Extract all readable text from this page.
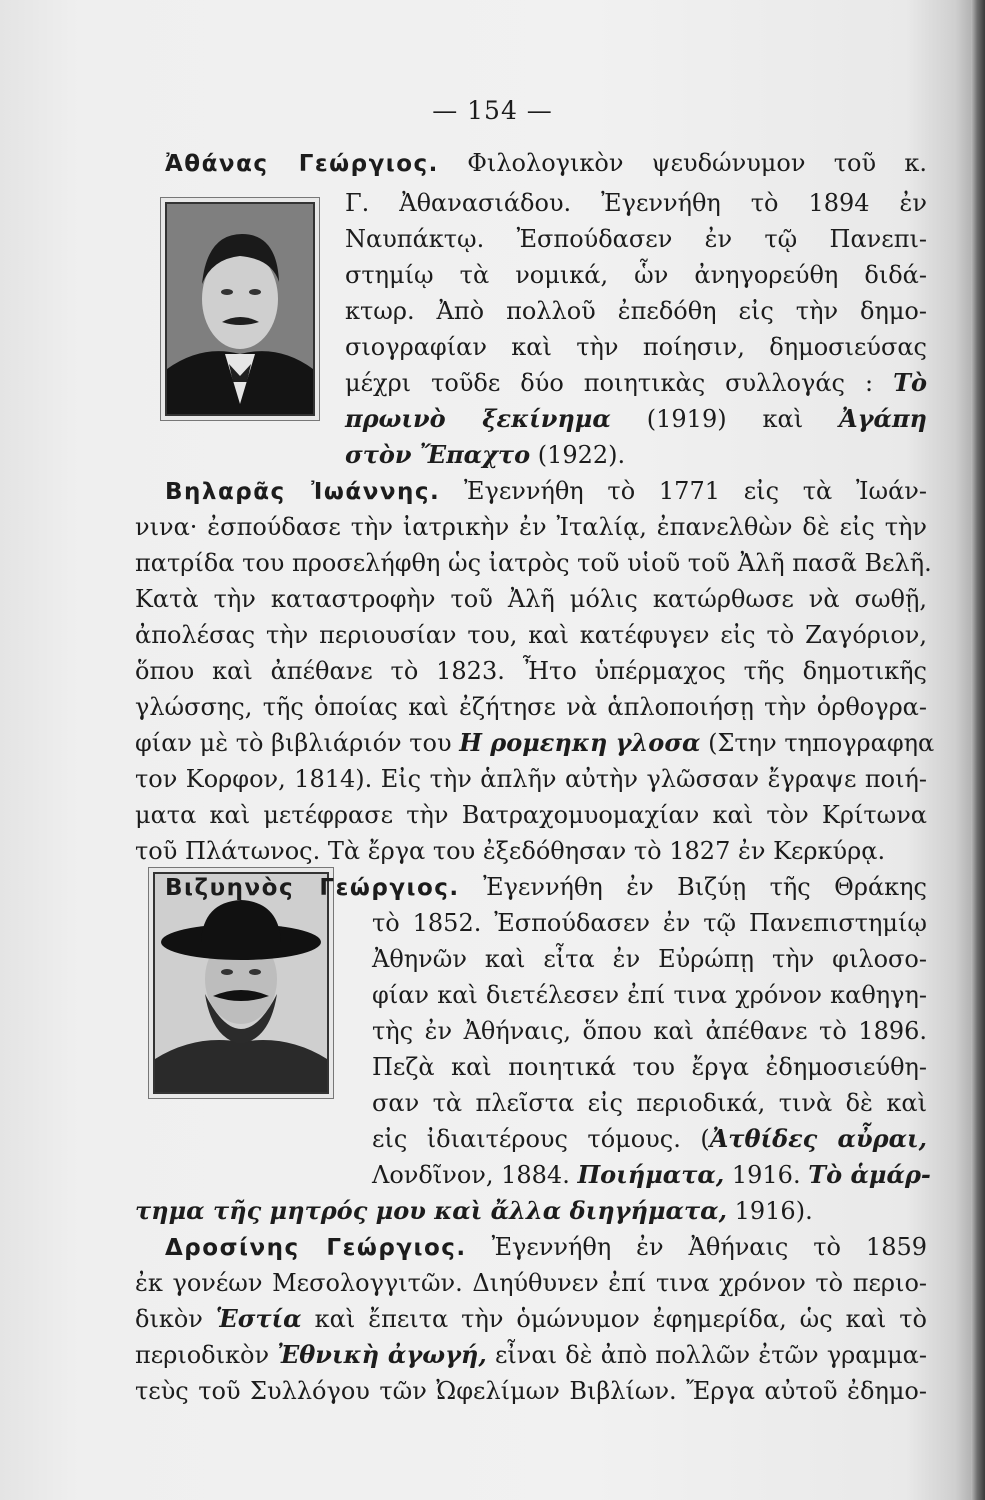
— 154 —
Ἀθάνας Γεώργιος. Φιλολογικὸν ψευδώνυμον τοῦ κ.
Γ. Ἀθανασιάδου. Ἐγεννήθη τὸ 1894 ἐν
Ναυπάκτῳ. Ἐσπούδασεν ἐν τῷ Πανεπι-
στημίῳ τὰ νομικά, ὧν ἀνηγορεύθη διδά-
κτωρ. Ἀπὸ πολλοῦ ἐπεδόθη εἰς τὴν δημο-
σιογραφίαν καὶ τὴν ποίησιν, δημοσιεύσας
μέχρι τοῦδε δύο ποιητικὰς συλλογάς : Τὸ
πρωινὸ ξεκίνημα (1919) καὶ Ἀγάπη
στὸν Ἔπαχτο (1922).
Βηλαρᾶς Ἰωάννης. Ἐγεννήθη τὸ 1771 εἰς τὰ Ἰωάν-
νινα· ἐσπούδασε τὴν ἰατρικὴν ἐν Ἰταλίᾳ, ἐπανελθὼν δὲ εἰς τὴν
πατρίδα του προσελήφθη ὡς ἰατρὸς τοῦ υἱοῦ τοῦ Ἀλῆ πασᾶ Βελῆ.
Κατὰ τὴν καταστροφὴν τοῦ Ἀλῆ μόλις κατώρθωσε νὰ σωθῇ,
ἀπολέσας τὴν περιουσίαν του, καὶ κατέφυγεν εἰς τὸ Ζαγόριον,
ὅπου καὶ ἀπέθανε τὸ 1823. Ἦτο ὑπέρμαχος τῆς δημοτικῆς
γλώσσης, τῆς ὁποίας καὶ ἐζήτησε νὰ ἁπλοποιήσῃ τὴν ὀρθογρα-
φίαν μὲ τὸ βιβλιάριόν του Η ρομεηκη γλοσα (Στην τηπογραφηα
τον Κορφον, 1814). Εἰς τὴν ἁπλῆν αὐτὴν γλῶσσαν ἔγραψε ποιή-
ματα καὶ μετέφρασε τὴν Βατραχομυομαχίαν καὶ τὸν Κρίτωνα
τοῦ Πλάτωνος. Τὰ ἔργα του ἐξεδόθησαν τὸ 1827 ἐν Κερκύρᾳ.
Βιζυηνὸς Γεώργιος. Ἐγεννήθη ἐν Βιζύῃ τῆς Θράκης
τὸ 1852. Ἐσπούδασεν ἐν τῷ Πανεπιστημίῳ
Ἀθηνῶν καὶ εἶτα ἐν Εὐρώπῃ τὴν φιλοσο-
φίαν καὶ διετέλεσεν ἐπί τινα χρόνον καθηγη-
τὴς ἐν Ἀθήναις, ὅπου καὶ ἀπέθανε τὸ 1896.
Πεζὰ καὶ ποιητικά του ἔργα ἐδημοσιεύθη-
σαν τὰ πλεῖστα εἰς περιοδικά, τινὰ δὲ καὶ
εἰς ἰδιαιτέρους τόμους. (Ἀτθίδες αὖραι,
Λονδῖνον, 1884. Ποιήματα, 1916. Τὸ ἁμάρ-
τημα τῆς μητρός μου καὶ ἄλλα διηγήματα, 1916).
Δροσίνης Γεώργιος. Ἐγεννήθη ἐν Ἀθήναις τὸ 1859
ἐκ γονέων Μεσολογγιτῶν. Διηύθυνεν ἐπί τινα χρόνον τὸ περιο-
δικὸν Ἑστία καὶ ἔπειτα τὴν ὁμώνυμον ἐφημερίδα, ὡς καὶ τὸ
περιοδικὸν Ἐθνικὴ ἀγωγή, εἶναι δὲ ἀπὸ πολλῶν ἐτῶν γραμμα-
τεὺς τοῦ Συλλόγου τῶν Ὠφελίμων Βιβλίων. Ἔργα αὐτοῦ ἐδημο-
